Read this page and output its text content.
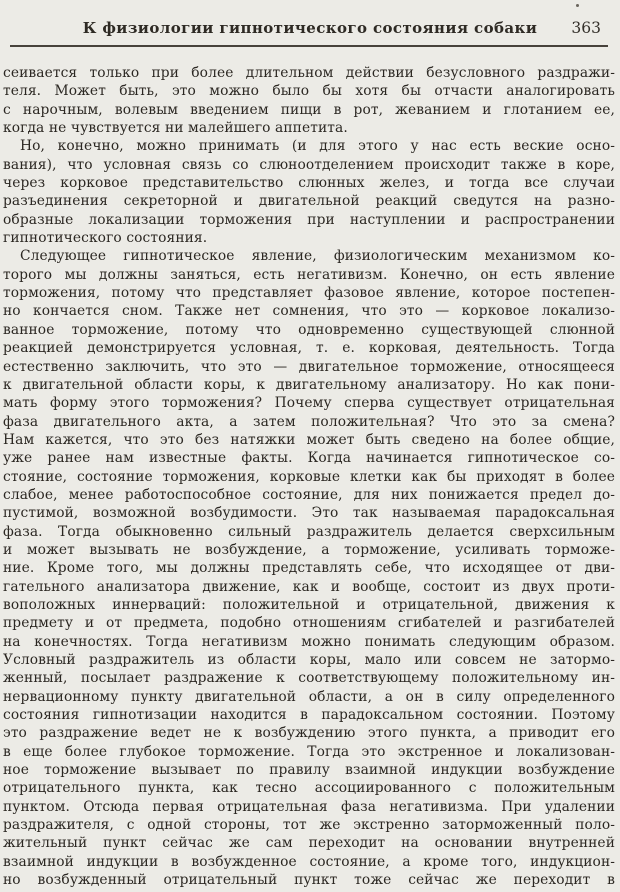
К физиологии гипнотического состояния собаки	363
сеивается только при более длительном действии безусловного раздражи-
теля. Может быть, это можно было бы хотя бы отчасти аналогировать
с нарочным, волевым введением пищи в рот, жеванием и глотанием ее,
когда не чувствуется ни малейшего аппетита.
Но, конечно, можно принимать (и для этого у нас есть веские осно-
вания), что условная связь со слюноотделением происходит также в коре,
через корковое представительство слюнных желез, и тогда все случаи
разъединения секреторной и двигательной реакций сведутся на разно-
образные локализации торможения при наступлении и распространении
гипнотического состояния.
Следующее гипнотическое явление, физиологическим механизмом ко-
торого мы должны заняться, есть негативизм. Конечно, он есть явление
торможения, потому что представляет фазовое явление, которое постепен-
но кончается сном. Также нет сомнения, что это — корковое локализо-
ванное торможение, потому что одновременно существующей слюнной
реакцией демонстрируется условная, т. е. корковая, деятельность. Тогда
естественно заключить, что это — двигательное торможение, относящееся
к двигательной области коры, к двигательному анализатору. Но как пони-
мать форму этого торможения? Почему сперва существует отрицательная
фаза двигательного акта, а затем положительная? Что это за смена?
Нам кажется, что это без натяжки может быть сведено на более общие,
уже ранее нам известные факты. Когда начинается гипнотическое со-
стояние, состояние торможения, корковые клетки как бы приходят в более
слабое, менее работоспособное состояние, для них понижается предел до-
пустимой, возможной возбудимости. Это так называемая парадоксальная
фаза. Тогда обыкновенно сильный раздражитель делается сверхсильным
и может вызывать не возбуждение, а торможение, усиливать торможе-
ние. Кроме того, мы должны представлять себе, что исходящее от дви-
гательного анализатора движение, как и вообще, состоит из двух проти-
воположных иннерваций: положительной и отрицательной, движения к
предмету и от предмета, подобно отношениям сгибателей и разгибателей
на конечностях. Тогда негативизм можно понимать следующим образом.
Условный раздражитель из области коры, мало или совсем не затормо-
женный, посылает раздражение к соответствующему положительному ин-
нервационному пункту двигательной области, а он в силу определенного
состояния гипнотизации находится в парадоксальном состоянии. Поэтому
это раздражение ведет не к возбуждению этого пункта, а приводит его
в еще более глубокое торможение. Тогда это экстренное и локализован-
ное торможение вызывает по правилу взаимной индукции возбуждение
отрицательного пункта, как тесно ассоциированного с положительным
пунктом. Отсюда первая отрицательная фаза негативизма. При удалении
раздражителя, с одной стороны, тот же экстренно заторможенный поло-
жительный пункт сейчас же сам переходит на основании внутренней
взаимной индукции в возбужденное состояние, а кроме того, индукцион-
но возбужденный отрицательный пункт тоже сейчас же переходит в
